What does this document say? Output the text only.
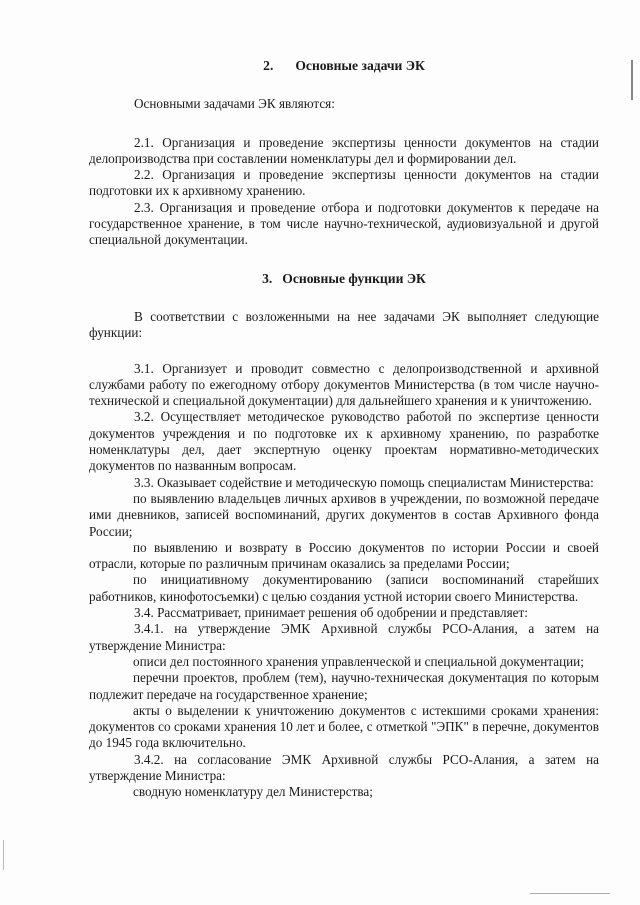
2. Основные задачи ЭК

Основными задачами ЭК являются:

2.1. Организация и проведение экспертизы ценности документов на стадии делопроизводства при составлении номенклатуры дел и формировании дел.

2.2. Организация и проведение экспертизы ценности документов на стадии подготовки их к архивному хранению.

2.3. Организация и проведение отбора и подготовки документов к передаче на государственное хранение, в том числе научно-технической, аудиовизуальной и другой специальной документации.

3. Основные функции ЭК

В соответствии с возложенными на нее задачами ЭК выполняет следующие функции:

3.1. Организует и проводит совместно с делопроизводственной и архивной службами работу по ежегодному отбору документов Министерства (в том числе научно-технической и специальной документации) для дальнейшего хранения и к уничтожению.

3.2. Осуществляет методическое руководство работой по экспертизе ценности документов учреждения и по подготовке их к архивному хранению, по разработке номенклатуры дел, дает экспертную оценку проектам нормативно-методических документов по названным вопросам.

3.3. Оказывает содействие и методическую помощь специалистам Министерства:

по выявлению владельцев личных архивов в учреждении, по возможной передаче ими дневников, записей воспоминаний, других документов в состав Архивного фонда России;

по выявлению и возврату в Россию документов по истории России и своей отрасли, которые по различным причинам оказались за пределами России;

по инициативному документированию (записи воспоминаний старейших работников, кинофотосъемки) с целью создания устной истории своего Министерства.

3.4. Рассматривает, принимает решения об одобрении и представляет:

3.4.1. на утверждение ЭМК Архивной службы РСО-Алания, а затем на утверждение Министра:

описи дел постоянного хранения управленческой и специальной документации;

перечни проектов, проблем (тем), научно-техническая документация по которым подлежит передаче на государственное хранение;

акты о выделении к уничтожению документов с истекшими сроками хранения: документов со сроками хранения 10 лет и более, с отметкой "ЭПК" в перечне, документов до 1945 года включительно.

3.4.2. на согласование ЭМК Архивной службы РСО-Алания, а затем на утверждение Министра:

сводную номенклатуру дел Министерства;
